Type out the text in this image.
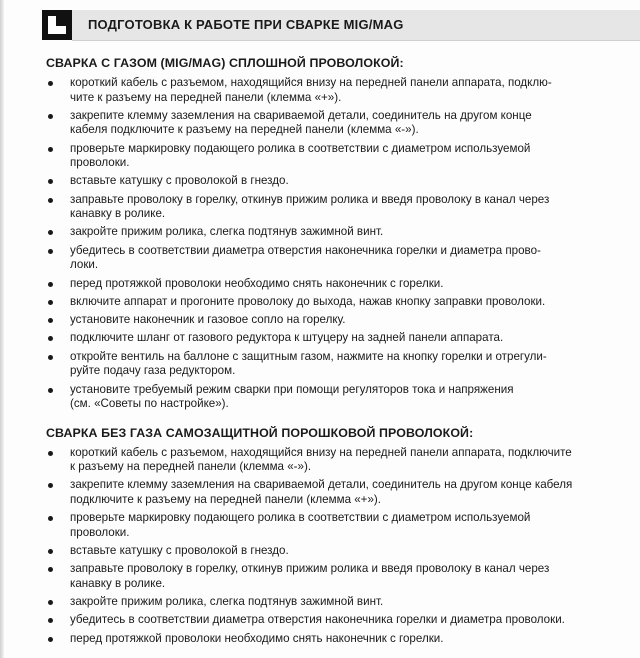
ПОДГОТОВКА К РАБОТЕ ПРИ СВАРКЕ MIG/MAG
СВАРКА С ГАЗОМ (MIG/MAG) СПЛОШНОЙ ПРОВОЛОКОЙ:
короткий кабель с разъемом, находящийся внизу на передней панели аппарата, подклю-
чите к разъему на передней панели (клемма «+»).
закрепите клемму заземления на свариваемой детали, соединитель на другом конце
кабеля подключите к разъему на передней панели (клемма «-»).
проверьте маркировку подающего ролика в соответствии с диаметром используемой
проволоки.
вставьте катушку с проволокой в гнездо.
заправьте проволоку в горелку, откинув прижим ролика и введя проволоку в канал через
канавку в ролике.
закройте прижим ролика, слегка подтянув зажимной винт.
убедитесь в соответствии диаметра отверстия наконечника горелки и диаметра прово-
локи.
перед протяжкой проволоки необходимо снять наконечник с горелки.
включите аппарат и прогоните проволоку до выхода, нажав кнопку заправки проволоки.
установите наконечник и газовое сопло на горелку.
подключите шланг от газового редуктора к штуцеру на задней панели аппарата.
откройте вентиль на баллоне с защитным газом, нажмите на кнопку горелки и отрегули-
руйте подачу газа редуктором.
установите требуемый режим сварки при помощи регуляторов тока и напряжения
(см. «Советы по настройке»).
СВАРКА БЕЗ ГАЗА САМОЗАЩИТНОЙ ПОРОШКОВОЙ ПРОВОЛОКОЙ:
короткий кабель с разъемом, находящийся внизу на передней панели аппарата, подключите
к разъему на передней панели (клемма «-»).
закрепите клемму заземления на свариваемой детали, соединитель на другом конце кабеля
подключите к разъему на передней панели (клемма «+»).
проверьте маркировку подающего ролика в соответствии с диаметром используемой
проволоки.
вставьте катушку с проволокой в гнездо.
заправьте проволоку в горелку, откинув прижим ролика и введя проволоку в канал через
канавку в ролике.
закройте прижим ролика, слегка подтянув зажимной винт.
убедитесь в соответствии диаметра отверстия наконечника горелки и диаметра проволоки.
перед протяжкой проволоки необходимо снять наконечник с горелки.
